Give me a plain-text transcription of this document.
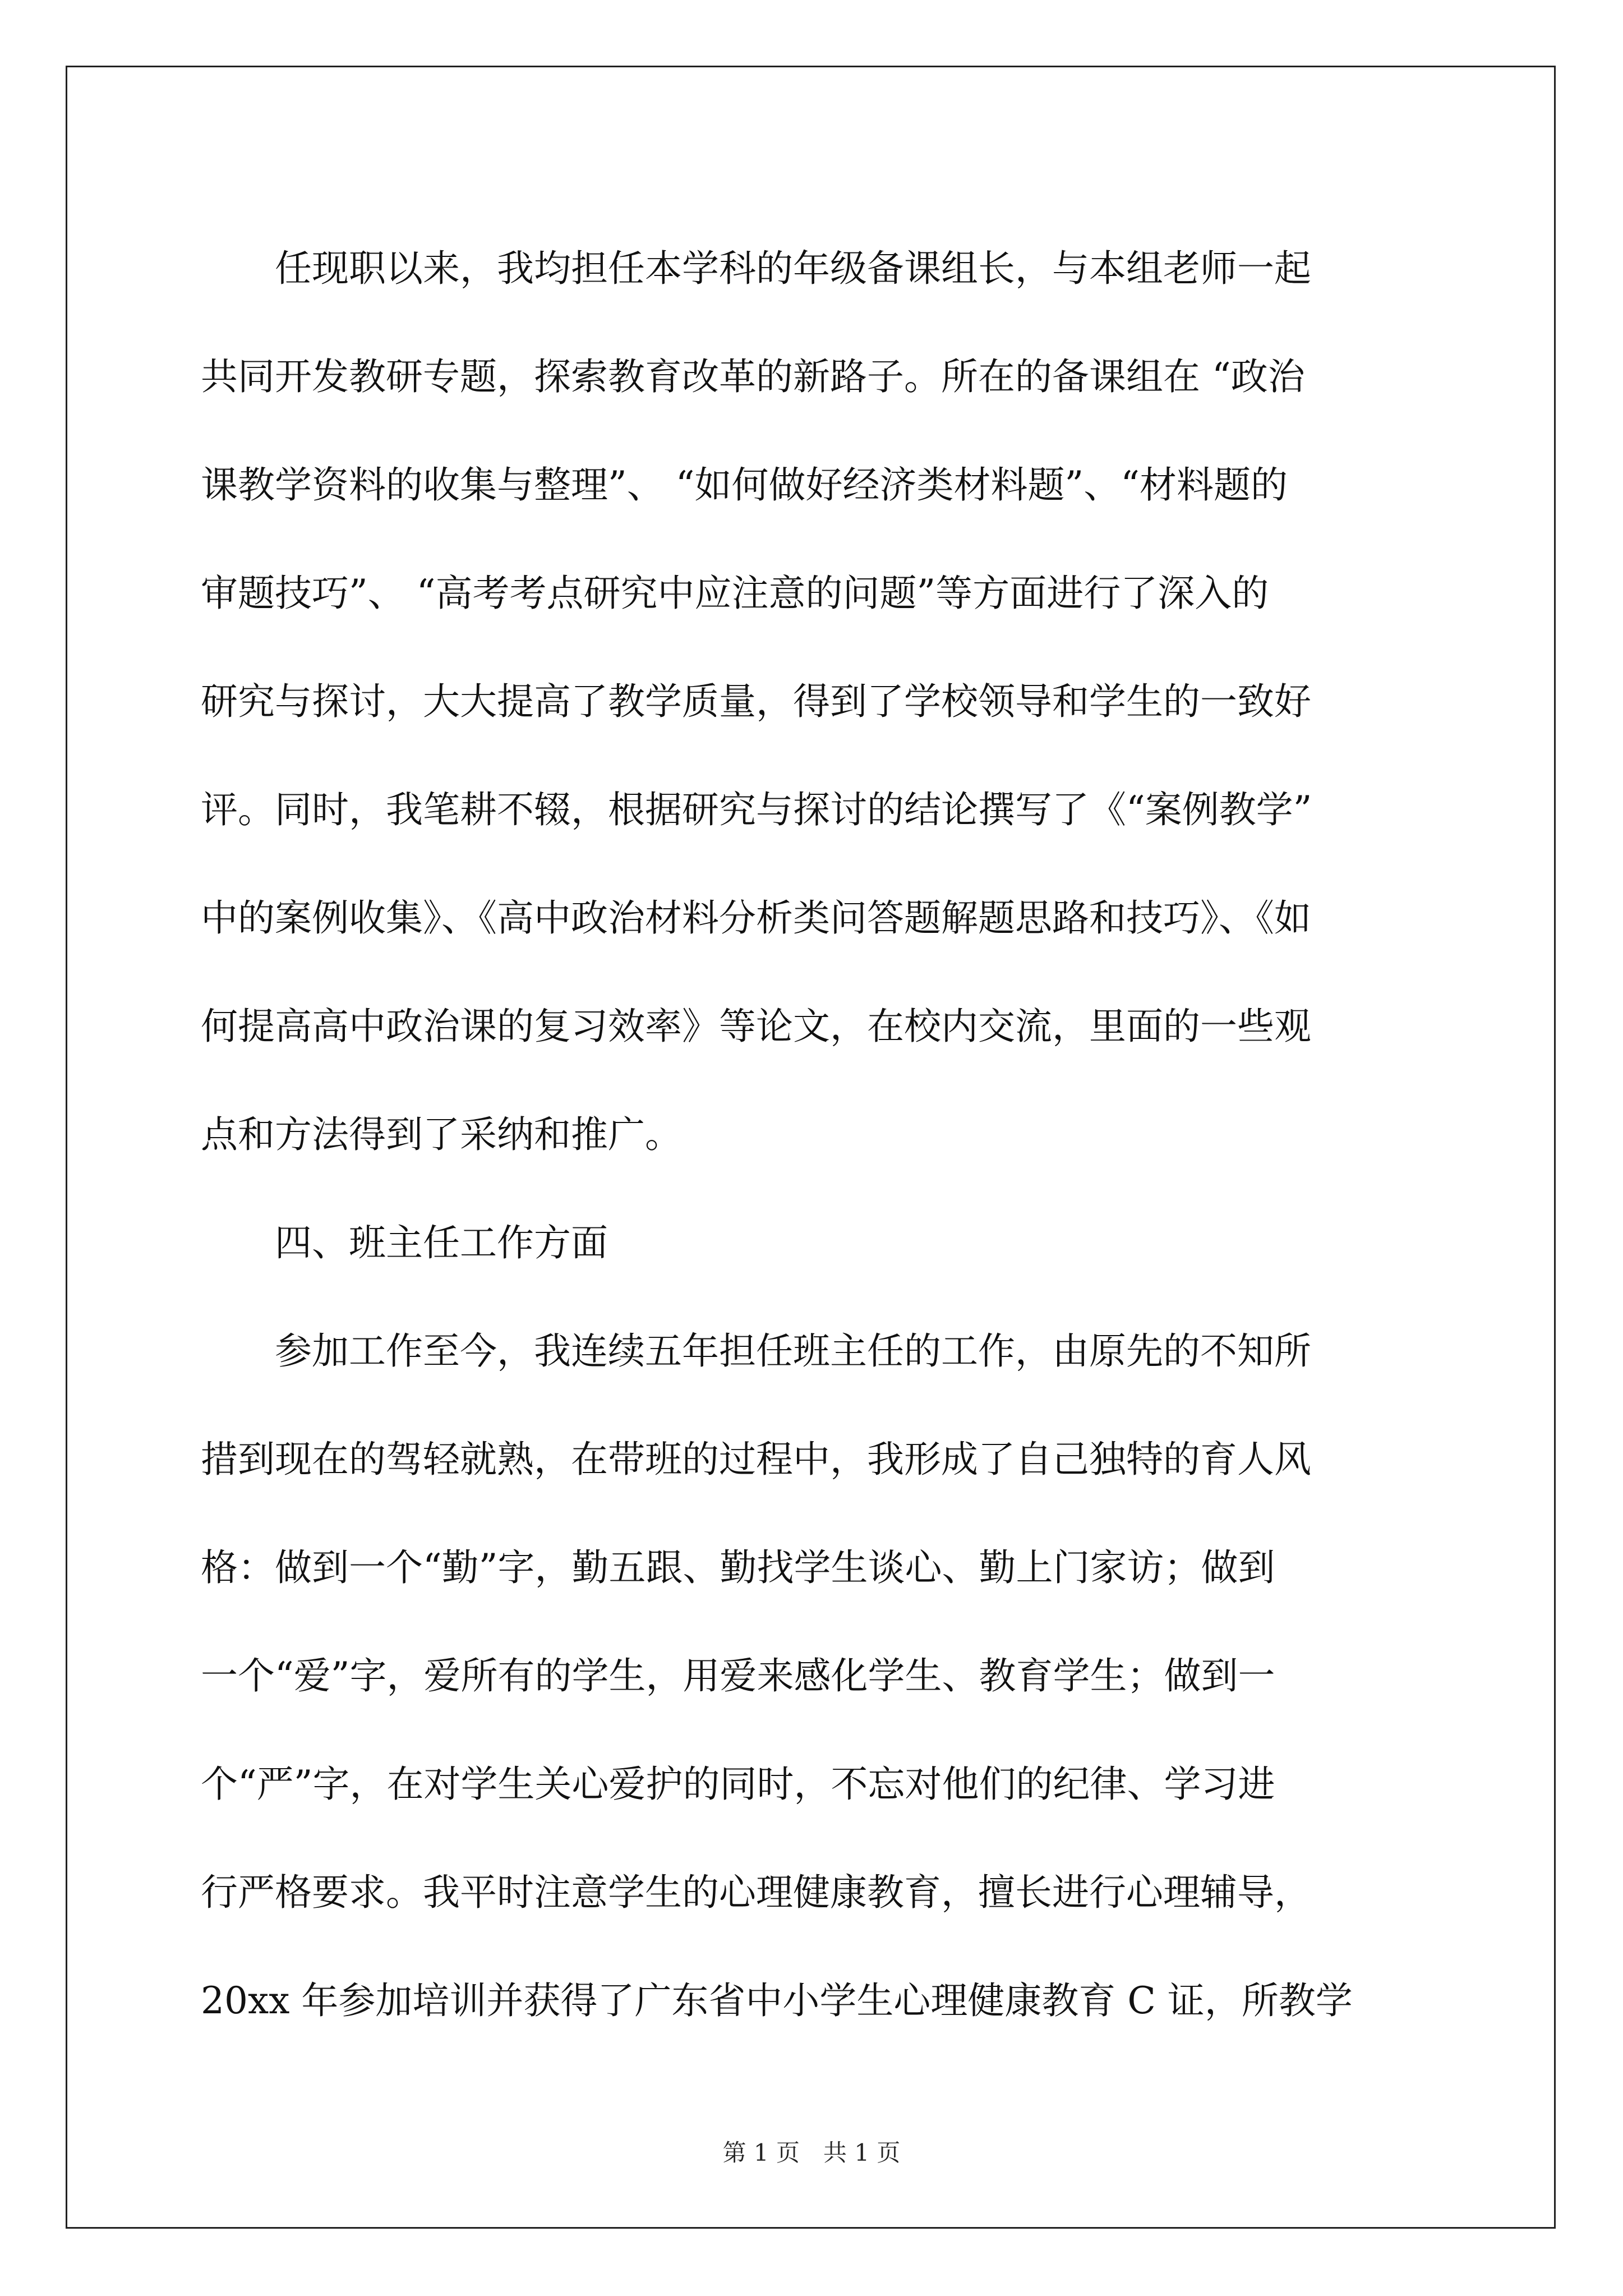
　　任现职以来，我均担任本学科的年级备课组长，与本组老师一起
共同开发教研专题，探索教育改革的新路子。所在的备课组在 “政治
课教学资料的收集与整理”、 “如何做好经济类材料题”、“材料题的
审题技巧”、 “高考考点研究中应注意的问题”等方面进行了深入的
研究与探讨，大大提高了教学质量，得到了学校领导和学生的一致好
评。同时，我笔耕不辍，根据研究与探讨的结论撰写了《“案例教学”
中的案例收集》、《高中政治材料分析类问答题解题思路和技巧》、《如
何提高高中政治课的复习效率》等论文，在校内交流，里面的一些观
点和方法得到了采纳和推广。
　　四、班主任工作方面
　　参加工作至今，我连续五年担任班主任的工作，由原先的不知所
措到现在的驾轻就熟，在带班的过程中，我形成了自己独特的育人风
格：做到一个“勤”字，勤五跟、勤找学生谈心、勤上门家访；做到
一个“爱”字，爱所有的学生，用爱来感化学生、教育学生；做到一
个“严”字，在对学生关心爱护的同时，不忘对他们的纪律、学习进
行严格要求。我平时注意学生的心理健康教育，擅长进行心理辅导，
20xx 年参加培训并获得了广东省中小学生心理健康教育 C 证，所教学
第 1 页　共 1 页
